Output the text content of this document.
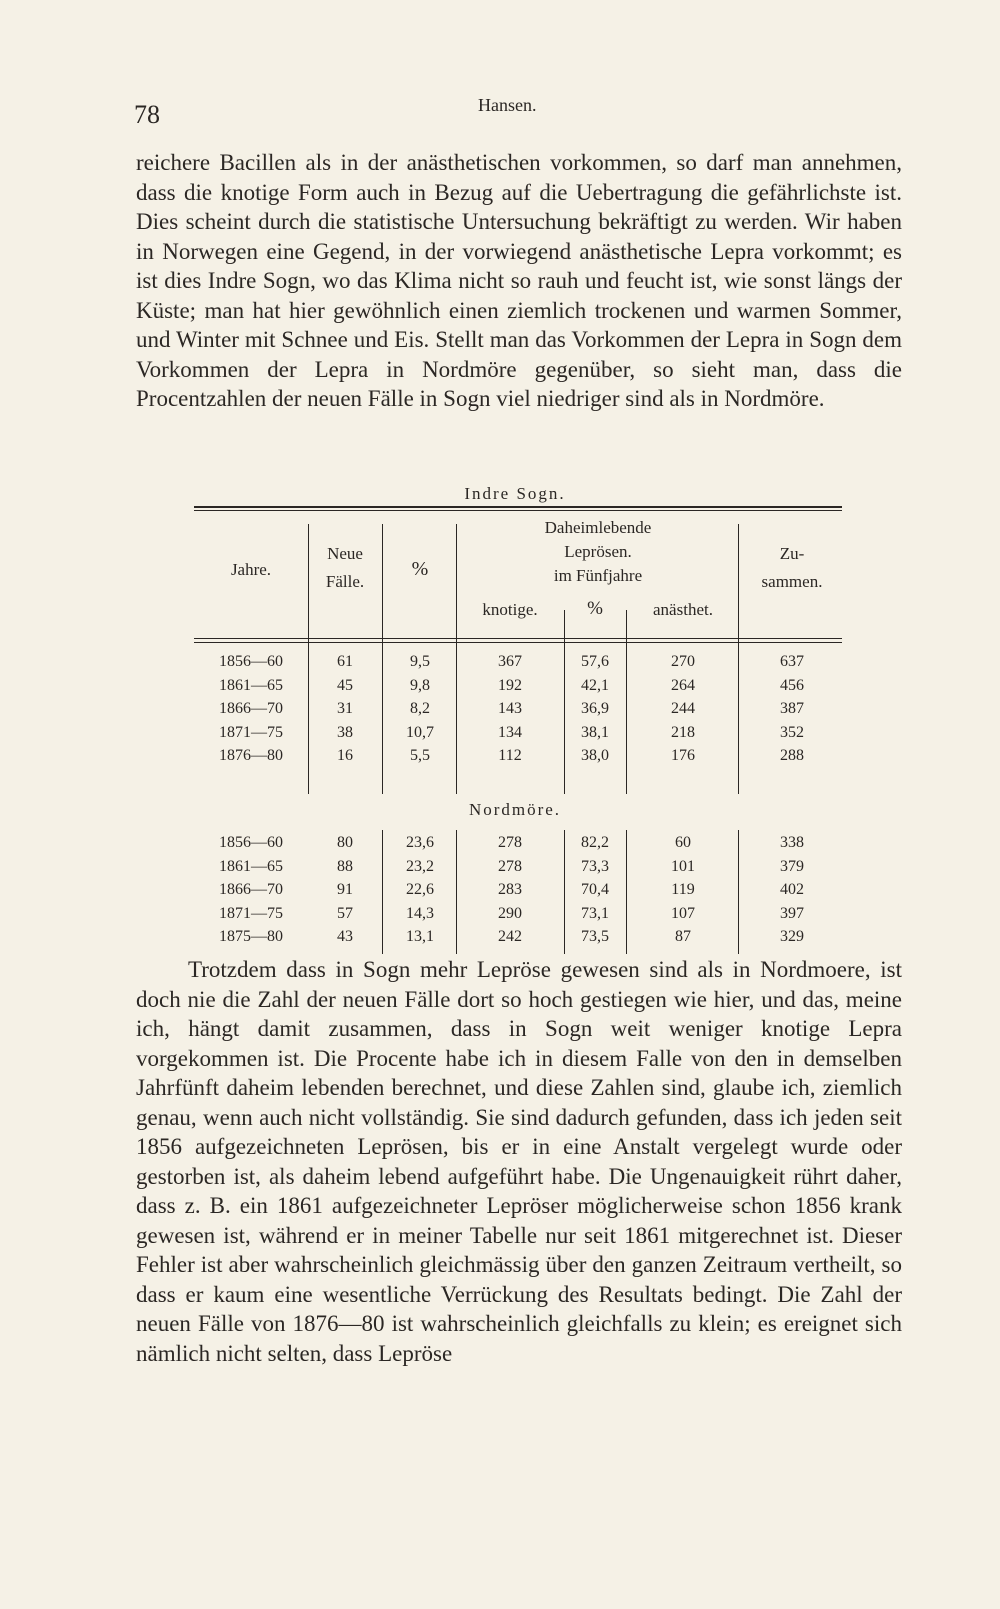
78	Hansen.

reichere Bacillen als in der anästhetischen vorkommen, so darf man annehmen, dass die knotige Form auch in Bezug auf die Uebertragung die gefährlichste ist. Dies scheint durch die statistische Untersuchung bekräftigt zu werden. Wir haben in Norwegen eine Gegend, in der vorwiegend anästhetische Lepra vorkommt; es ist dies Indre Sogn, wo das Klima nicht so rauh und feucht ist, wie sonst längs der Küste; man hat hier gewöhnlich einen ziemlich trockenen und warmen Sommer, und Winter mit Schnee und Eis. Stellt man das Vorkommen der Lepra in Sogn dem Vorkommen der Lepra in Nordmöre gegenüber, so sieht man, dass die Procentzahlen der neuen Fälle in Sogn viel niedriger sind als in Nordmöre.

Indre Sogn.
Jahre.
Neue
Fälle.
%
Daheimlebende
Leprösen.
im Fünfjahre
Zu-
sammen.
knotige.	%	anästhet.
1856—60	61	9,5	367	57,6	270	637
1861—65	45	9,8	192	42,1	264	456
1866—70	31	8,2	143	36,9	244	387
1871—75	38	10,7	134	38,1	218	352
1876—80	16	5,5	112	38,0	176	288
Nordmöre.
1856—60	80	23,6	278	82,2	60	338
1861—65	88	23,2	278	73,3	101	379
1866—70	91	22,6	283	70,4	119	402
1871—75	57	14,3	290	73,1	107	397
1875—80	43	13,1	242	73,5	87	329

Trotzdem dass in Sogn mehr Leprösе gewesen sind als in Nordmoere, ist doch nie die Zahl der neuen Fälle dort so hoch gestiegen wie hier, und das, meine ich, hängt damit zusammen, dass in Sogn weit weniger knotige Lepra vorgekommen ist. Die Procente habe ich in diesem Falle von den in demselben Jahrfünft daheim lebenden berechnet, und diese Zahlen sind, glaube ich, ziemlich genau, wenn auch nicht vollständig. Sie sind dadurch gefunden, dass ich jeden seit 1856 aufgezeichneten Leprösen, bis er in eine Anstalt vergelegt wurde oder gestorben ist, als daheim lebend aufgeführt habe. Die Ungenauigkeit rührt daher, dass z. B. ein 1861 aufgezeichneter Lepröser möglicherweise schon 1856 krank gewesen ist, während er in meiner Tabelle nur seit 1861 mitgerechnet ist. Dieser Fehler ist aber wahrscheinlich gleichmässig über den ganzen Zeitraum vertheilt, so dass er kaum eine wesentliche Verrückung des Resultats bedingt. Die Zahl der neuen Fälle von 1876—80 ist wahrscheinlich gleichfalls zu klein; es ereignet sich nämlich nicht selten, dass Lepröse
